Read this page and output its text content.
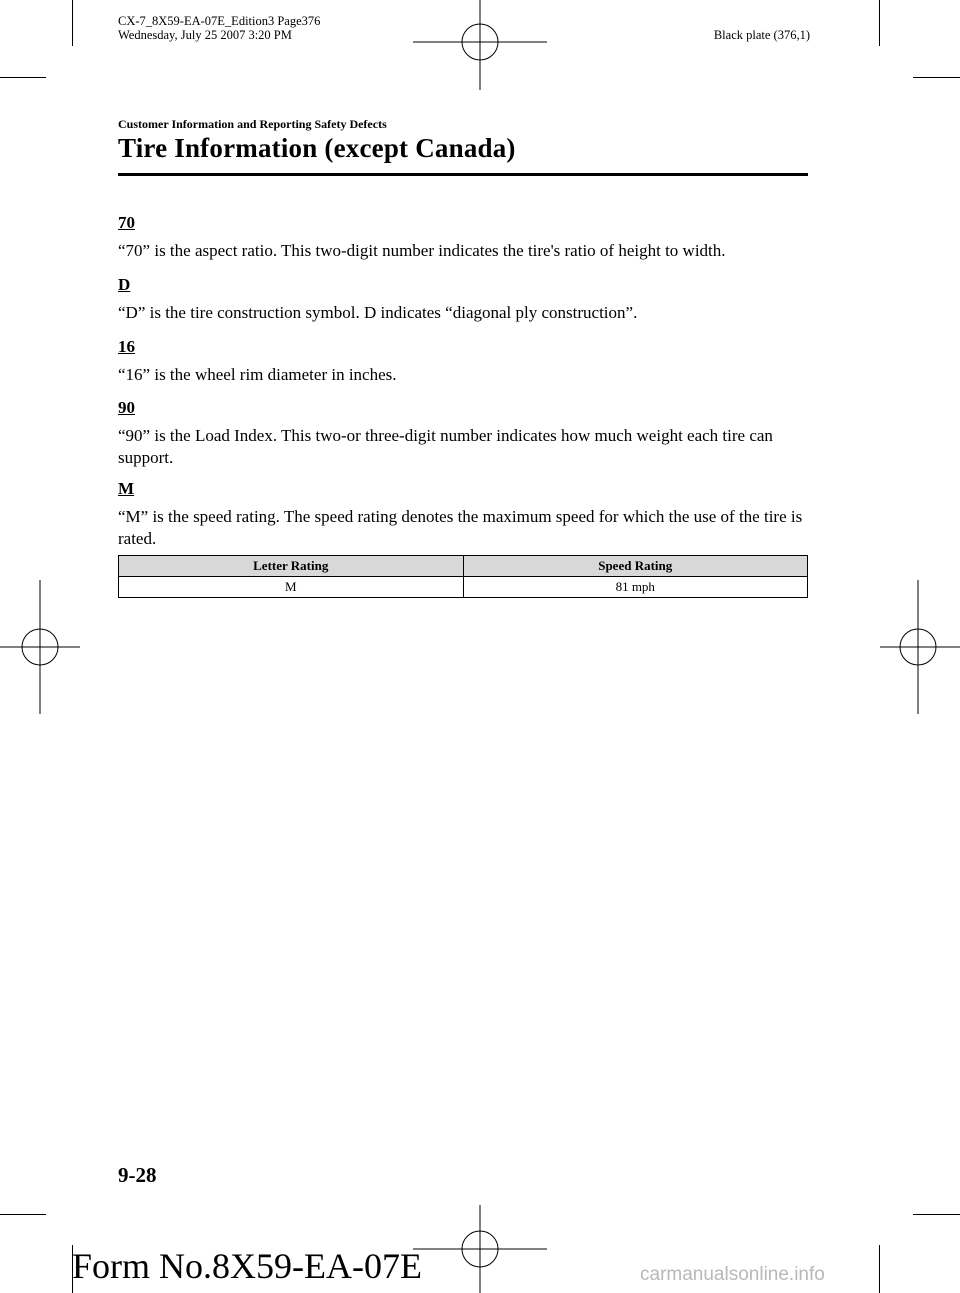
CX-7_8X59-EA-07E_Edition3 Page376
Wednesday, July 25 2007 3:20 PM	Black plate (376,1)
Customer Information and Reporting Safety Defects
Tire Information (except Canada)
70
“70” is the aspect ratio. This two-digit number indicates the tire's ratio of height to width.
D
“D” is the tire construction symbol. D indicates “diagonal ply construction”.
16
“16” is the wheel rim diameter in inches.
90
“90” is the Load Index. This two-or three-digit number indicates how much weight each tire can support.
M
“M” is the speed rating. The speed rating denotes the maximum speed for which the use of the tire is rated.
Letter Rating	Speed Rating
M	81 mph
9-28
Form No.8X59-EA-07E	carmanualsonline.info
